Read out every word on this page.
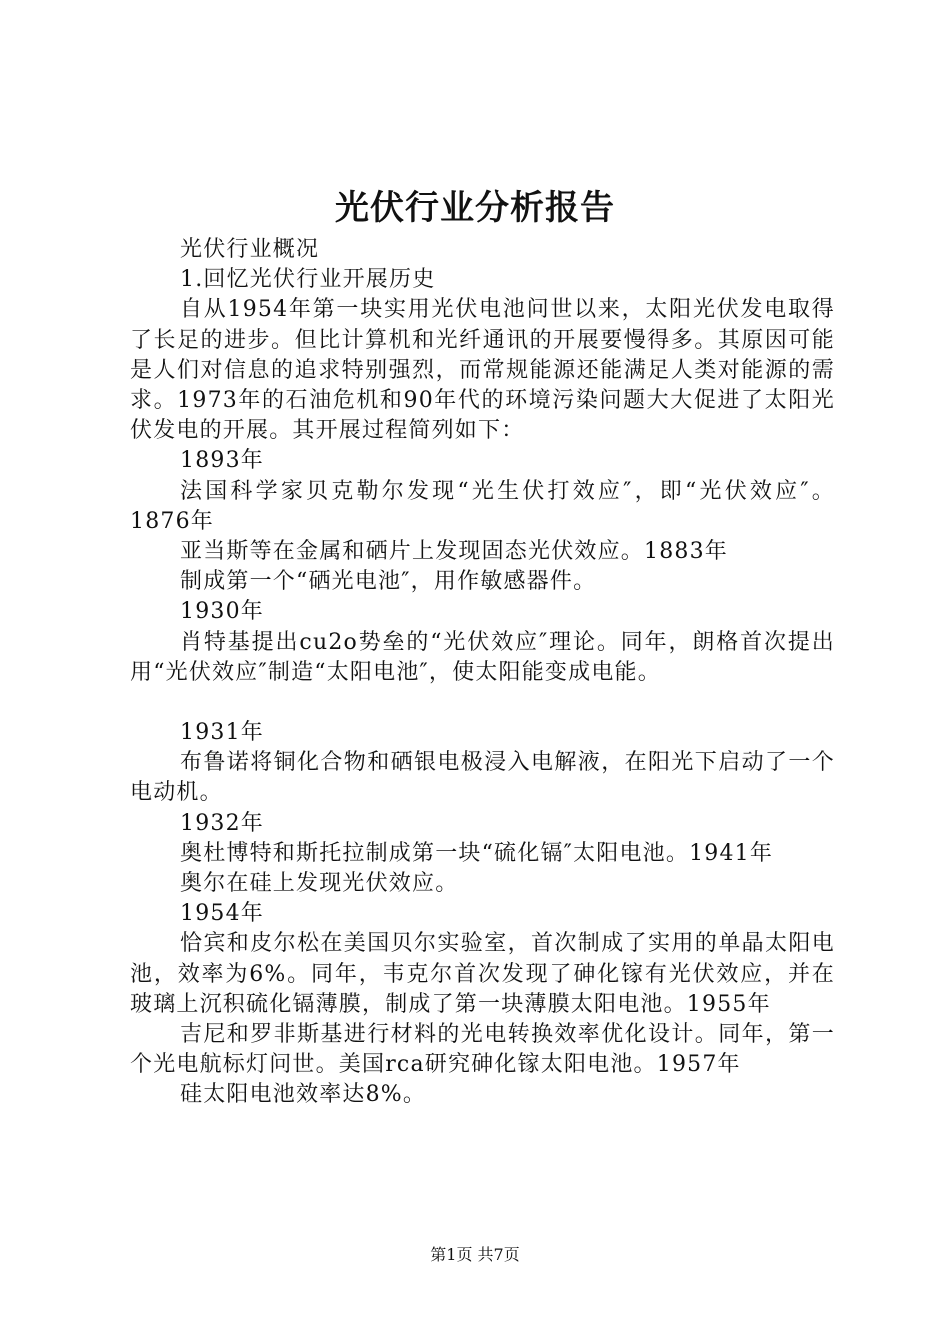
光伏行业分析报告

光伏行业概况

1.回忆光伏行业开展历史

自从1954年第一块实用光伏电池问世以来，太阳光伏发电取得了长足的进步。但比计算机和光纤通讯的开展要慢得多。其原因可能是人们对信息的追求特别强烈，而常规能源还能满足人类对能源的需求。1973年的石油危机和90年代的环境污染问题大大促进了太阳光伏发电的开展。其开展过程简列如下：

1893年

法国科学家贝克勒尔发现“光生伏打效应″，即“光伏效应″。1876年

亚当斯等在金属和硒片上发现固态光伏效应。1883年

制成第一个“硒光电池″，用作敏感器件。

1930年

肖特基提出cu2o势垒的“光伏效应″理论。同年，朗格首次提出用“光伏效应″制造“太阳电池″，使太阳能变成电能。

1931年

布鲁诺将铜化合物和硒银电极浸入电解液，在阳光下启动了一个电动机。

1932年

奥杜博特和斯托拉制成第一块“硫化镉″太阳电池。1941年

奥尔在硅上发现光伏效应。

1954年

恰宾和皮尔松在美国贝尔实验室，首次制成了实用的单晶太阳电池，效率为6%。同年，韦克尔首次发现了砷化镓有光伏效应，并在玻璃上沉积硫化镉薄膜，制成了第一块薄膜太阳电池。1955年

吉尼和罗非斯基进行材料的光电转换效率优化设计。同年，第一个光电航标灯问世。美国rca研究砷化镓太阳电池。1957年

硅太阳电池效率达8%。

第1页 共7页
